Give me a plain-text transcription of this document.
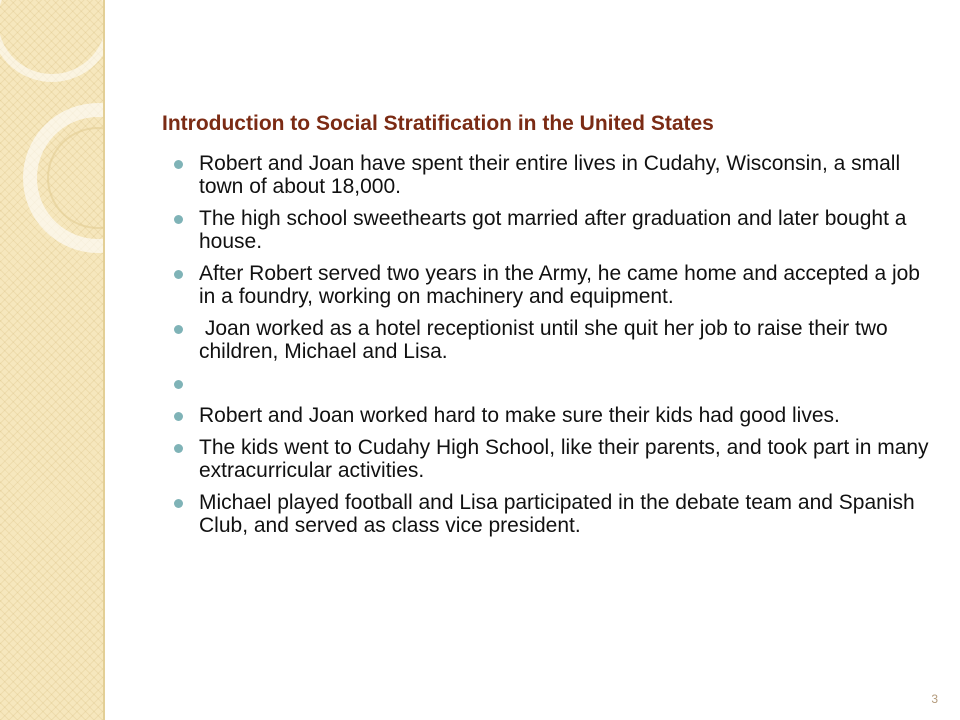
Introduction to Social Stratification in the United States
Robert and Joan have spent their entire lives in Cudahy, Wisconsin, a small town of about 18,000.
The high school sweethearts got married after graduation and later bought a house.
After Robert served two years in the Army, he came home and accepted a job in a foundry, working on machinery and equipment.
Joan worked as a hotel receptionist until she quit her job to raise their two children, Michael and Lisa.
Robert and Joan worked hard to make sure their kids had good lives.
The kids went to Cudahy High School, like their parents, and took part in many extracurricular activities.
Michael played football and Lisa participated in the debate team and Spanish Club, and served as class vice president.
3
